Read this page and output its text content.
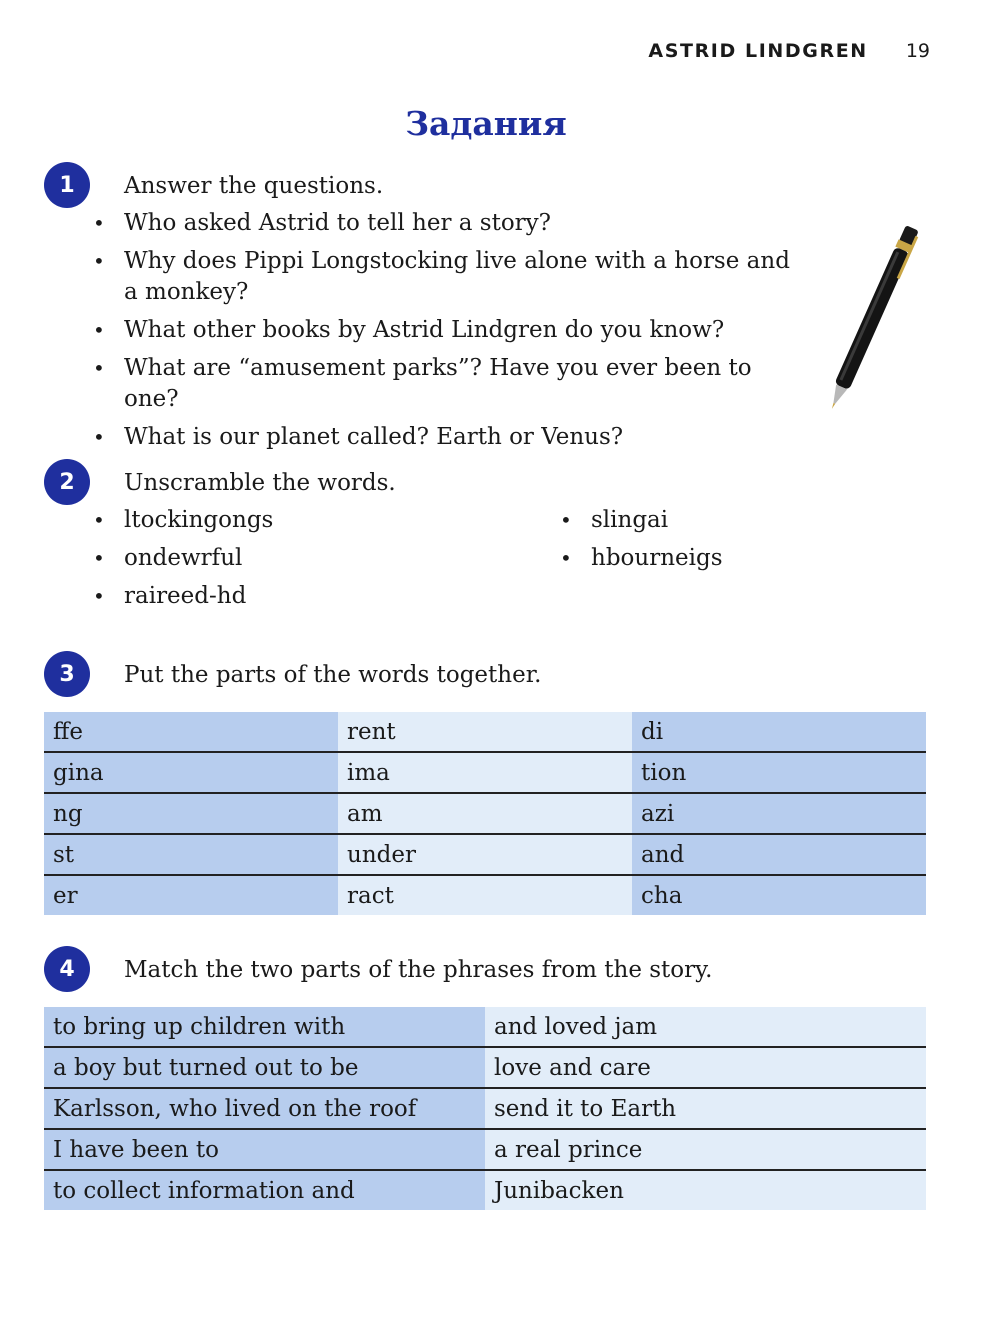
ASTRID LINDGREN 19
Задания
1	Answer the questions.
• Who asked Astrid to tell her a story?
• Why does Pippi Longstocking live alone with a horse and a monkey?
• What other books by Astrid Lindgren do you know?
• What are “amusement parks”? Have you ever been to one?
• What is our planet called? Earth or Venus?
2	Unscramble the words.
• ltockingongs
• ondewrful
• raireed-hd
• slingai
• hbourneigs
3	Put the parts of the words together.
ffe	rent	di
gina	ima	tion
ng	am	azi
st	under	and
er	ract	cha
4	Match the two parts of the phrases from the story.
to bring up children with	and loved jam
a boy but turned out to be	love and care
Karlsson, who lived on the roof	send it to Earth
I have been to	a real prince
to collect information and	Junibacken
